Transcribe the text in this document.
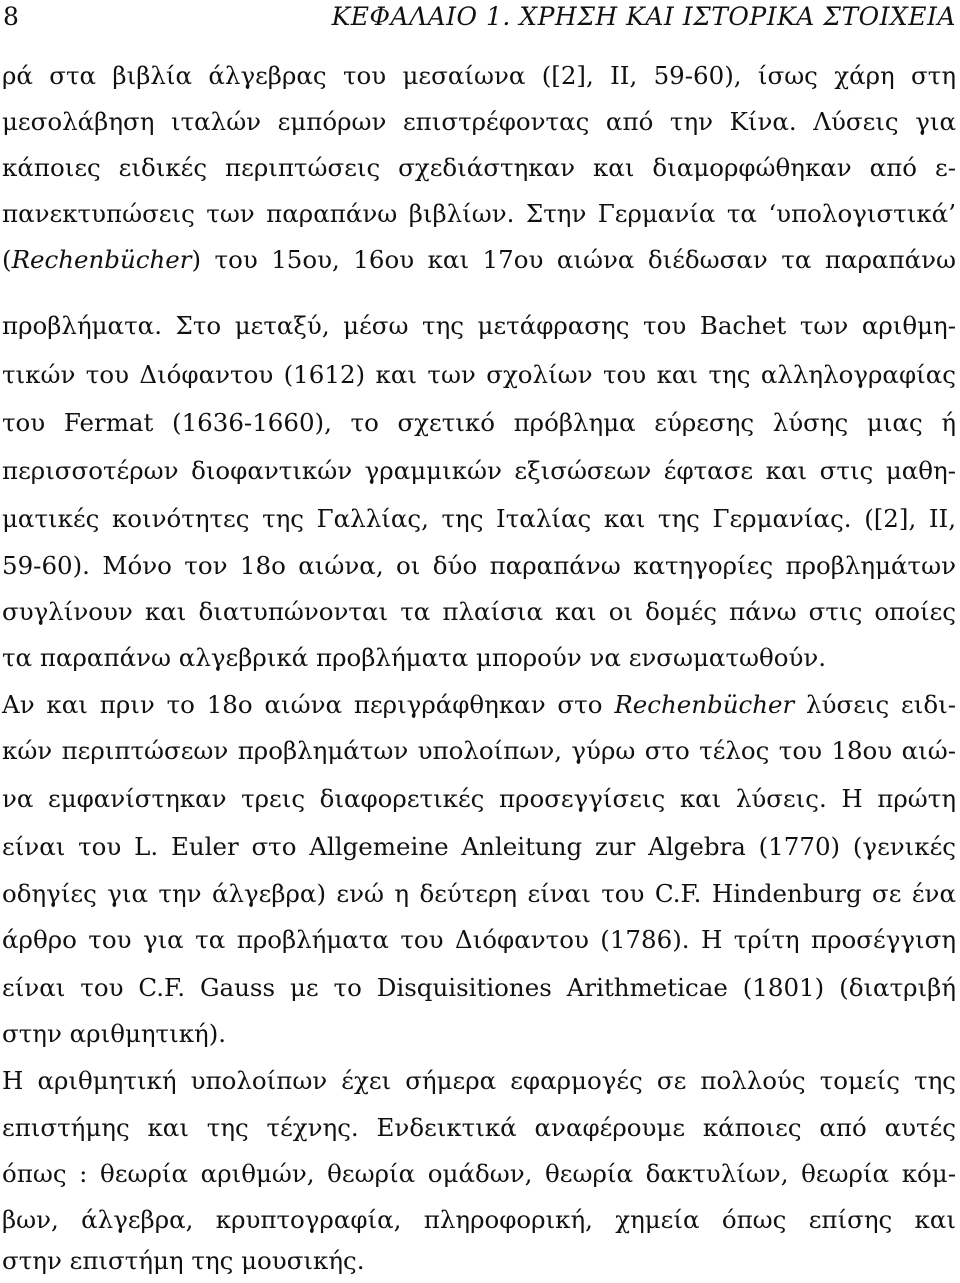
8	ΚΕΦΑΛΑΙΟ 1. ΧΡΗΣΗ ΚΑΙ ΙΣΤΟΡΙΚΑ ΣΤΟΙΧΕΙΑ
ρά στα βιβλία άλγεβρας του μεσαίωνα ([2], II, 59-60), ίσως χάρη στη
μεσολάβηση ιταλών εμπόρων επιστρέφοντας από την Κίνα. Λύσεις για
κάποιες ειδικές περιπτώσεις σχεδιάστηκαν και διαμορφώθηκαν από ε-
πανεκτυπώσεις των παραπάνω βιβλίων. Στην Γερμανία τα ‘υπολογιστικά’
(Rechenbücher) του 15ου, 16ου και 17ου αιώνα διέδωσαν τα παραπάνω
προβλήματα. Στο μεταξύ, μέσω της μετάφρασης του Bachet των αριθμη-
τικών του Διόφαντου (1612) και των σχολίων του και της αλληλογραφίας
του Fermat (1636-1660), το σχετικό πρόβλημα εύρεσης λύσης μιας ή
περισσοτέρων διοφαντικών γραμμικών εξισώσεων έφτασε και στις μαθη-
ματικές κοινότητες της Γαλλίας, της Ιταλίας και της Γερμανίας. ([2], II,
59-60). Μόνο τον 18ο αιώνα, οι δύο παραπάνω κατηγορίες προβλημάτων
συγλίνουν και διατυπώνονται τα πλαίσια και οι δομές πάνω στις οποίες
τα παραπάνω αλγεβρικά προβλήματα μπορούν να ενσωματωθούν.
Αν και πριν το 18ο αιώνα περιγράφθηκαν στο Rechenbücher λύσεις ειδι-
κών περιπτώσεων προβλημάτων υπολοίπων, γύρω στο τέλος του 18ου αιώ-
να εμφανίστηκαν τρεις διαφορετικές προσεγγίσεις και λύσεις. Η πρώτη
είναι του L. Euler στο Allgemeine Anleitung zur Algebra (1770) (γενικές
οδηγίες για την άλγεβρα) ενώ η δεύτερη είναι του C.F. Hindenburg σε ένα
άρθρο του για τα προβλήματα του Διόφαντου (1786). Η τρίτη προσέγγιση
είναι του C.F. Gauss με το Disquisitiones Arithmeticae (1801) (διατριβή
στην αριθμητική).
Η αριθμητική υπολοίπων έχει σήμερα εφαρμογές σε πολλούς τομείς της
επιστήμης και της τέχνης. Ενδεικτικά αναφέρουμε κάποιες από αυτές
όπως : θεωρία αριθμών, θεωρία ομάδων, θεωρία δακτυλίων, θεωρία κόμ-
βων, άλγεβρα, κρυπτογραφία, πληροφορική, χημεία όπως επίσης και
στην επιστήμη της μουσικής.
